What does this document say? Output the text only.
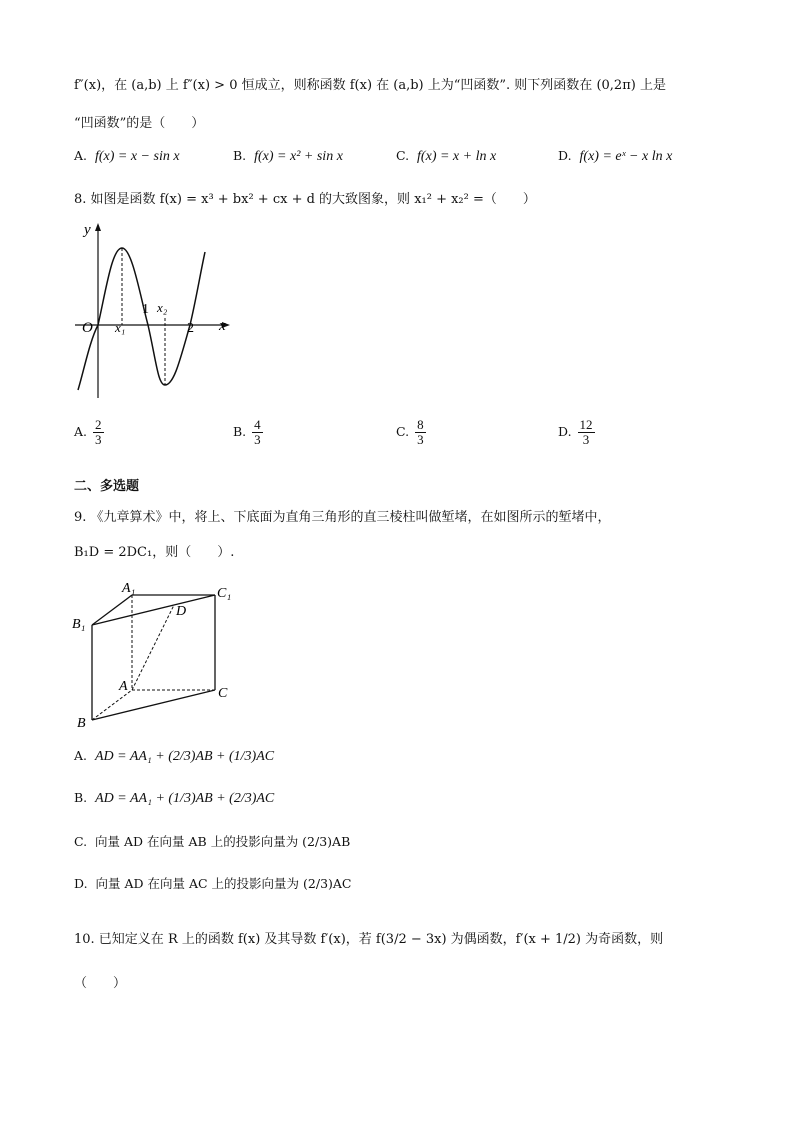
f″(x)，在 (a,b) 上 f″(x) > 0 恒成立，则称函数 f(x) 在 (a,b) 上为“凹函数”. 则下列函数在 (0,2π) 上是
“凹函数”的是（　　）
A. f(x) = x − sin x	B. f(x) = x² + sin x	C. f(x) = x + ln x	D. f(x) = eˣ − x ln x
8. 如图是函数 f(x) = x³ + bx² + cx + d 的大致图象，则 x₁² + x₂² =（　　）
y
x
O x₁
x₂
1
2
A. $\frac{2}{3}$	B. $\frac{4}{3}$	C. $\frac{8}{3}$	D. $\frac{12}{3}$
二、多选题
9. 《九章算术》中，将上、下底面为直角三角形的直三棱柱叫做堑堵，在如图所示的堑堵中，
B₁D = 2DC₁，则（　　）.
A₁	C₁
B₁
D
A	C
B
A. AD = AA₁ + (2/3)AB + (1/3)AC
B. AD = AA₁ + (1/3)AB + (2/3)AC
C. 向量 AD 在向量 AB 上的投影向量为 (2/3)AB
D. 向量 AD 在向量 AC 上的投影向量为 (2/3)AC
10. 已知定义在 R 上的函数 f(x) 及其导数 f′(x)，若 f(3/2 − 3x) 为偶函数，f′(x + 1/2) 为奇函数，则
（　　）
